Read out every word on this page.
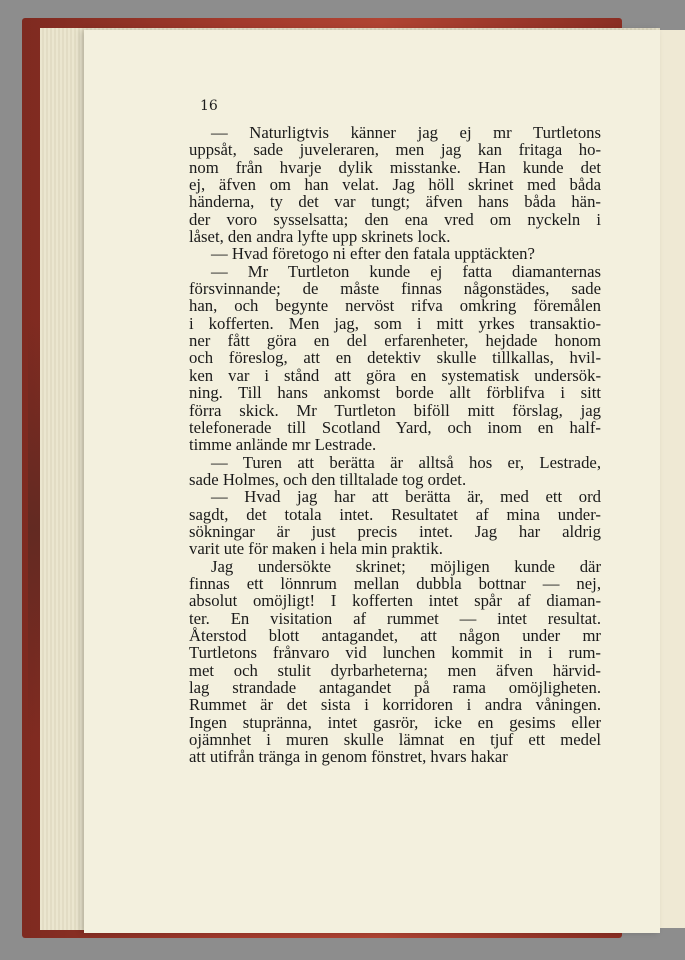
16
— Naturligtvis känner jag ej mr Turtletons
uppsåt, sade juveleraren, men jag kan fritaga ho-
nom från hvarje dylik misstanke. Han kunde det
ej, äfven om han velat. Jag höll skrinet med båda
händerna, ty det var tungt; äfven hans båda hän-
der voro sysselsatta; den ena vred om nyckeln i
låset, den andra lyfte upp skrinets lock.
— Hvad företogo ni efter den fatala upptäckten?
— Mr Turtleton kunde ej fatta diamanternas
försvinnande; de måste finnas någonstädes, sade
han, och begynte nervöst rifva omkring föremålen
i kofferten. Men jag, som i mitt yrkes transaktio-
ner fått göra en del erfarenheter, hejdade honom
och föreslog, att en detektiv skulle tillkallas, hvil-
ken var i stånd att göra en systematisk undersök-
ning. Till hans ankomst borde allt förblifva i sitt
förra skick. Mr Turtleton biföll mitt förslag, jag
telefonerade till Scotland Yard, och inom en half-
timme anlände mr Lestrade.
— Turen att berätta är alltså hos er, Lestrade,
sade Holmes, och den tilltalade tog ordet.
— Hvad jag har att berätta är, med ett ord
sagdt, det totala intet. Resultatet af mina under-
sökningar är just precis intet. Jag har aldrig
varit ute för maken i hela min praktik.
Jag undersökte skrinet; möjligen kunde där
finnas ett lönnrum mellan dubbla bottnar — nej,
absolut omöjligt! I kofferten intet spår af diaman-
ter. En visitation af rummet — intet resultat.
Återstod blott antagandet, att någon under mr
Turtletons frånvaro vid lunchen kommit in i rum-
met och stulit dyrbarheterna; men äfven härvid-
lag strandade antagandet på rama omöjligheten.
Rummet är det sista i korridoren i andra våningen.
Ingen stupränna, intet gasrör, icke en gesims eller
ojämnhet i muren skulle lämnat en tjuf ett medel
att utifrån tränga in genom fönstret, hvars hakar
